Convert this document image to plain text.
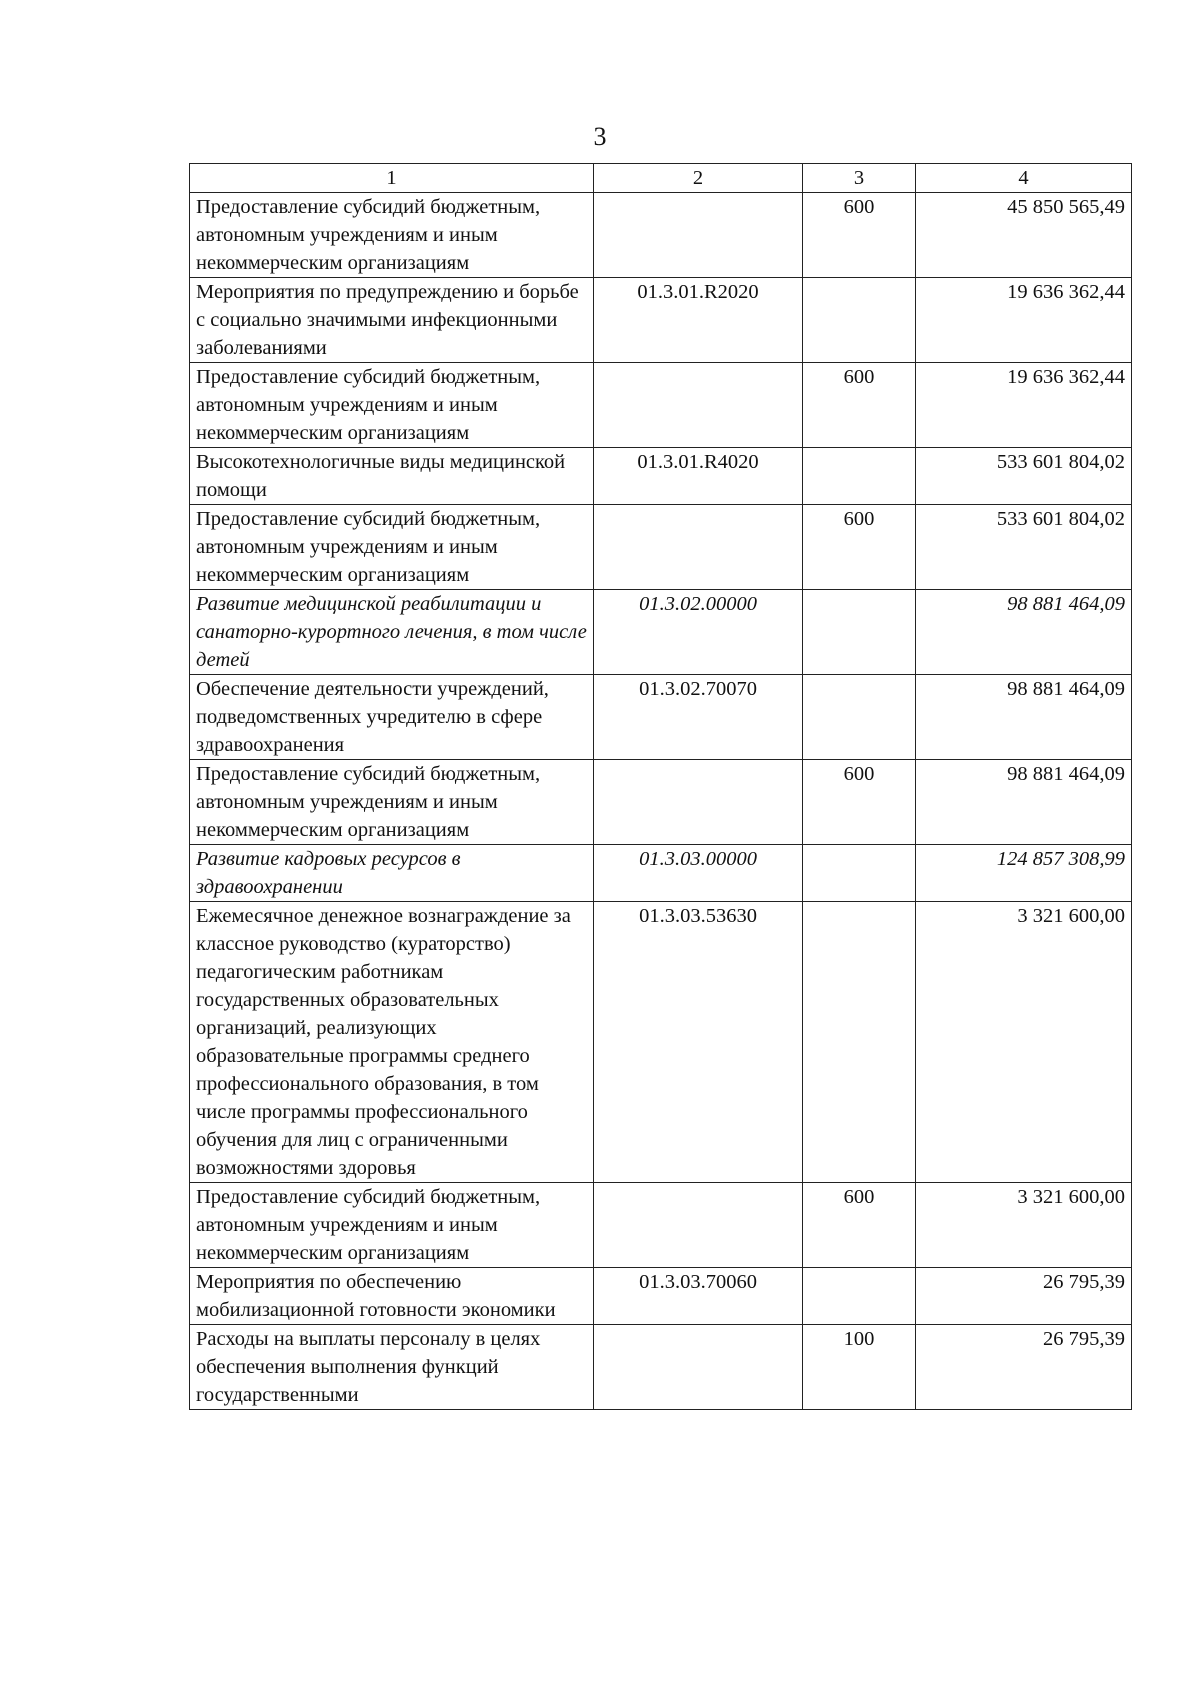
3
1	2	3	4
Предоставление субсидий бюджетным, автономным учреждениям и иным некоммерческим организациям		600	45 850 565,49
Мероприятия по предупреждению и борьбе с социально значимыми инфекционными заболеваниями	01.3.01.R2020		19 636 362,44
Предоставление субсидий бюджетным, автономным учреждениям и иным некоммерческим организациям		600	19 636 362,44
Высокотехнологичные виды медицинской помощи	01.3.01.R4020		533 601 804,02
Предоставление субсидий бюджетным, автономным учреждениям и иным некоммерческим организациям		600	533 601 804,02
Развитие медицинской реабилитации и санаторно-курортного лечения, в том числе детей	01.3.02.00000		98 881 464,09
Обеспечение деятельности учреждений, подведомственных учредителю в сфере здравоохранения	01.3.02.70070		98 881 464,09
Предоставление субсидий бюджетным, автономным учреждениям и иным некоммерческим организациям		600	98 881 464,09
Развитие кадровых ресурсов в здравоохранении	01.3.03.00000		124 857 308,99
Ежемесячное денежное вознаграждение за классное руководство (кураторство) педагогическим работникам государственных образовательных организаций, реализующих образовательные программы среднего профессионального образования, в том числе программы профессионального обучения для лиц с ограниченными возможностями здоровья	01.3.03.53630		3 321 600,00
Предоставление субсидий бюджетным, автономным учреждениям и иным некоммерческим организациям		600	3 321 600,00
Мероприятия по обеспечению мобилизационной готовности экономики	01.3.03.70060		26 795,39
Расходы на выплаты персоналу в целях обеспечения выполнения функций государственными		100	26 795,39
